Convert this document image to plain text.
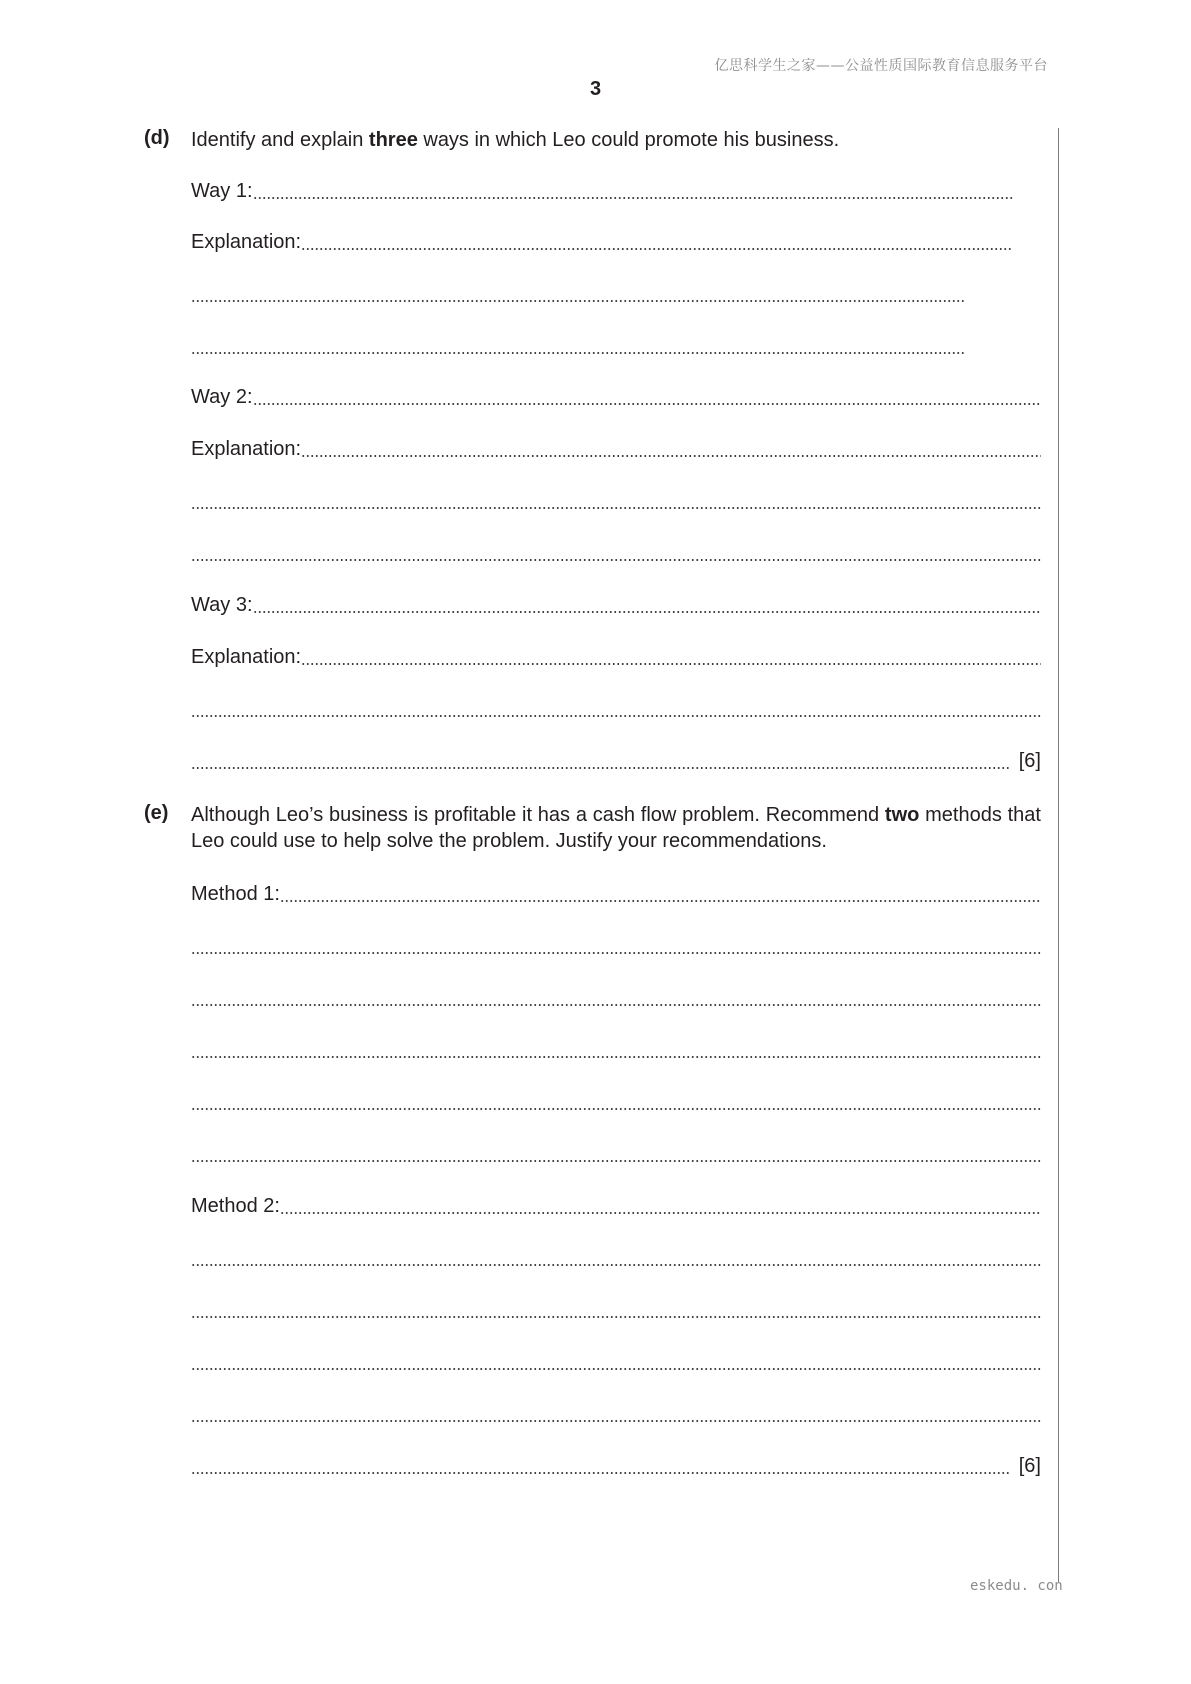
亿思科学生之家——公益性质国际教育信息服务平台
3
(d) Identify and explain three ways in which Leo could promote his business.
Way 1:
Explanation:
Way 2:
Explanation:
Way 3:
Explanation:
[6]
(e) Although Leo’s business is profitable it has a cash flow problem. Recommend two methods that Leo could use to help solve the problem. Justify your recommendations.
Method 1:
Method 2:
[6]
eskedu. con
